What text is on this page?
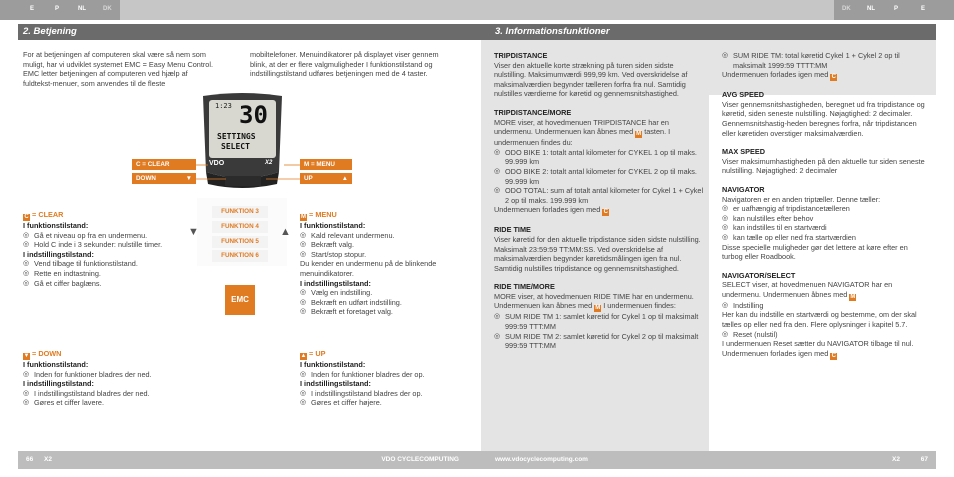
E	P	NL	DK
2. Betjening

For at betjeningen af computeren skal være så nem som muligt, har vi udviklet systemet EMC = Easy Menu Control. EMC letter betjeningen af computeren ved hjælp af fuldtekst-menuer, som anvendes til de fleste

mobiltelefoner. Menuindikatorer på displayet viser gennem blink, at der er flere valgmuligheder I funktionstilstand og indstillingstilstand udføres betjeningen med de 4 taster.

1:23 30
SETTINGS
SELECT
VDO	X2
C = CLEAR
DOWN	▼
M = MENU
UP	▲
▼	▲
FUNKTION 3
FUNKTION 4
FUNKTION 5
FUNKTION 6
EMC

C = CLEAR

I funktionstilstand:

◎ Gå et niveau op fra en undermenu.

◎ Hold C inde i 3 sekunder: nulstille timer.

I indstillingstilstand:

◎ Vend tilbage til funktionstilstand.

◎ Rette en indtastning.

◎ Gå et ciffer baglæns.

▼ = DOWN

I funktionstilstand:

◎ Inden for funktioner bladres der ned.

I indstillingstilstand:

◎ I indstillingstilstand bladres der ned.

◎ Gøres et ciffer lavere.

M = MENU

I funktionstilstand:

◎ Kald relevant undermenu.

◎ Bekræft valg.

◎ Start/stop stopur.

Du kender en undermenu på de blinkende menuindikatorer.

I indstillingstilstand:

◎ Vælg en indstilling.

◎ Bekræft en udført indstilling.

◎ Bekræft et foretaget valg.

▲ = UP

I funktionstilstand:

◎ Inden for funktioner bladres der op.

I indstillingstilstand:

◎ I indstillingstilstand bladres der op.

◎ Gøres et ciffer højere.

66 X2	VDO CYCLECOMPUTING
DK	NL	P	E
3. Informationsfunktioner

TRIPDISTANCE

Viser den aktuelle korte strækning på turen siden sidste nulstilling. Maksimumværdi 999,99 km. Ved overskridelse af maksimalværdien begynder tælleren forfra fra nul. Samtidig nulstilles værdierne for køretid og gennemsnitshastighed.

TRIPDISTANCE/MORE

MORE viser, at hovedmenuen TRIPDISTANCE har en undermenu. Undermenuen kan åbnes med M tasten. I undermenuen findes du:

◎ ODO BIKE 1: totalt antal kilometer for CYKEL 1 op til maks. 99.999 km

◎ ODO BIKE 2: totalt antal kilometer for CYKEL 2 op til maks. 99.999 km

◎ ODO TOTAL: sum af totalt antal kilometer for Cykel 1 + Cykel 2 op til maks. 199.999 km

Undermenuen forlades igen med C

RIDE TIME

Viser køretid for den aktuelle tripdistance siden sidste nulstilling. Maksimalt 23:59:59 TT:MM:SS. Ved overskridelse af maksimalværdien begynder køretidsmålingen igen fra nul. Samtidig nulstilles tripdistance og gennemsnitshastighed.

RIDE TIME/MORE

MORE viser, at hovedmenuen RIDE TIME har en undermenu. Undermenuen kan åbnes med M I undermenuen findes:

◎ SUM RIDE TM 1: samlet køretid for Cykel 1 op til maksimalt 999:59 TTT:MM

◎ SUM RIDE TM 2: samlet køretid for Cykel 2 op til maksimalt 999:59 TTT:MM

◎ SUM RIDE TM: total køretid Cykel 1 + Cykel 2 op til maksimalt 1999:59 TTTT:MM

Undermenuen forlades igen med C

AVG SPEED

Viser gennemsnitshastigheden, beregnet ud fra tripdistance og køretid, siden seneste nulstilling. Nøjagtighed: 2 decimaler. Gennemsnitshastig-heden beregnes forfra, når tripdistancen eller køretiden overstiger maksimalværdien.

MAX SPEED

Viser maksimumhastigheden på den aktuelle tur siden seneste nulstilling. Nøjagtighed: 2 decimaler

NAVIGATOR

Navigatoren er en anden triptæller. Denne tæller:

◎ er uafhængig af tripdistancetælleren

◎ kan nulstilles efter behov

◎ kan indstilles til en startværdi

◎ kan tælle op eller ned fra startværdien

Disse specielle muligheder gør det lettere at køre efter en turbog eller Roadbook.

NAVIGATOR/SELECT

SELECT viser, at hovedmenuen NAVIGATOR har en undermenu. Undermenuen åbnes med M

◎ Indstilling

Her kan du indstille en startværdi og bestemme, om der skal tælles op eller ned fra den. Flere oplysninger i kapitel 5.7.

◎ Reset (nulstil)

I undermenuen Reset sætter du NAVIGATOR tilbage til nul. Undermenuen forlades igen med C

www.vdocyclecomputing.com	X2	67
